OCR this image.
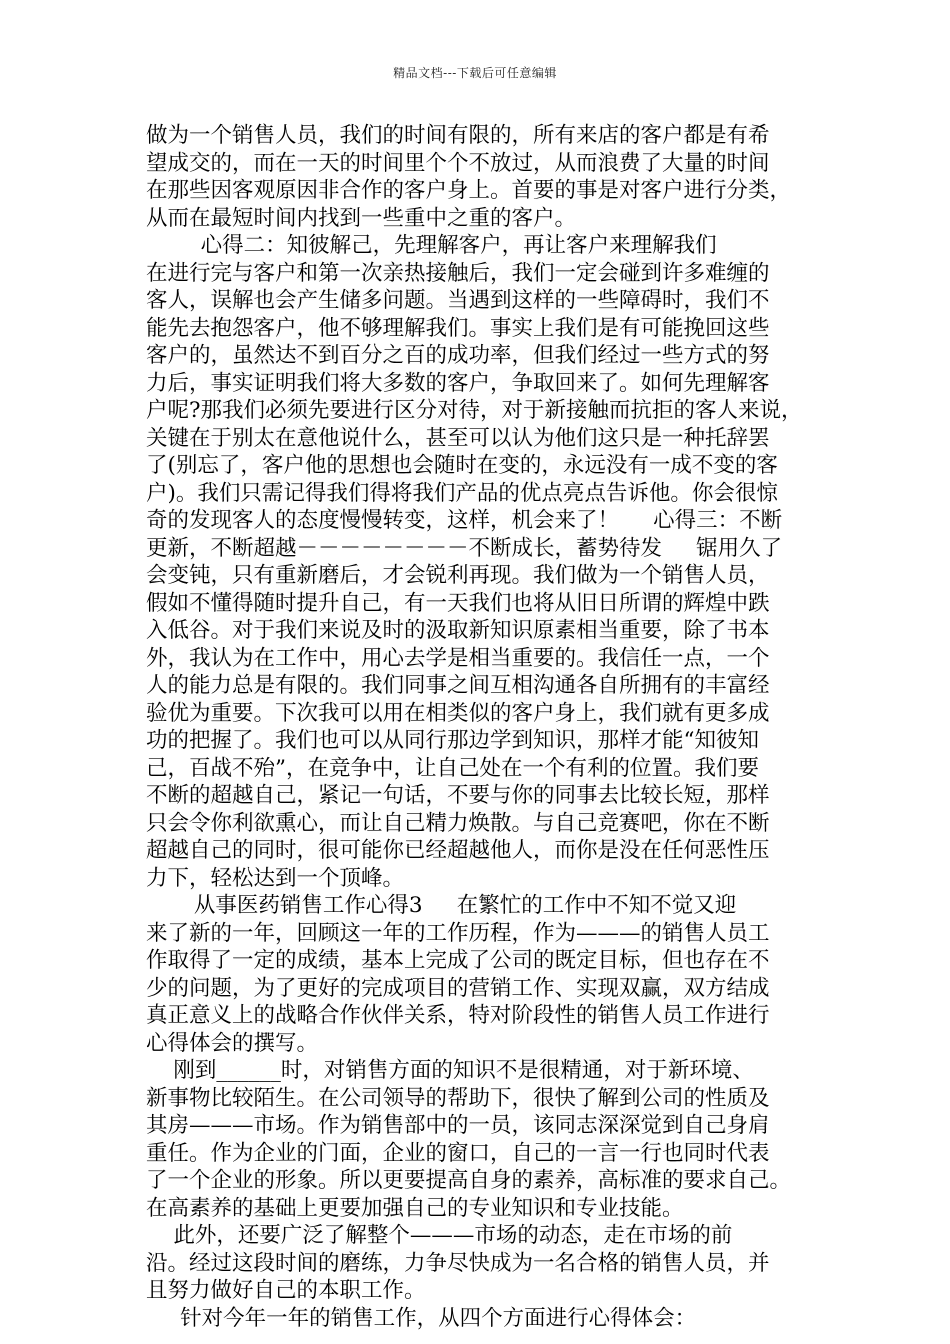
精品文档---下载后可任意编辑
做为一个销售人员，我们的时间有限的，所有来店的客户都是有希
望成交的，而在一天的时间里个个不放过，从而浪费了大量的时间
在那些因客观原因非合作的客户身上。首要的事是对客户进行分类，
从而在最短时间内找到一些重中之重的客户。
心得二：知彼解己，先理解客户，再让客户来理解我们
在进行完与客户和第一次亲热接触后，我们一定会碰到许多难缠的
客人，误解也会产生储多问题。当遇到这样的一些障碍时，我们不
能先去抱怨客户，他不够理解我们。事实上我们是有可能挽回这些
客户的，虽然达不到百分之百的成功率，但我们经过一些方式的努
力后，事实证明我们将大多数的客户，争取回来了。如何先理解客
户呢?那我们必须先要进行区分对待，对于新接触而抗拒的客人来说，
关键在于别太在意他说什么，甚至可以认为他们这只是一种托辞罢
了(别忘了，客户他的思想也会随时在变的，永远没有一成不变的客
户)。我们只需记得我们得将我们产品的优点亮点告诉他。你会很惊
奇的发现客人的态度慢慢转变，这样，机会来了！     心得三：不断
更新，不断超越－－－－－－－－不断成长，蓄势待发     锯用久了
会变钝，只有重新磨后，才会锐利再现。我们做为一个销售人员，
假如不懂得随时提升自己，有一天我们也将从旧日所谓的辉煌中跌
入低谷。对于我们来说及时的汲取新知识原素相当重要，除了书本
外，我认为在工作中，用心去学是相当重要的。我信任一点，一个
人的能力总是有限的。我们同事之间互相沟通各自所拥有的丰富经
验优为重要。下次我可以用在相类似的客户身上，我们就有更多成
功的把握了。我们也可以从同行那边学到知识，那样才能“知彼知
己，百战不殆”，在竞争中，让自己处在一个有利的位置。我们要
不断的超越自己，紧记一句话，不要与你的同事去比较长短，那样
只会令你利欲熏心，而让自己精力焕散。与自己竞赛吧，你在不断
超越自己的同时，很可能你已经超越他人，而你是没在任何恶性压
力下，轻松达到一个顶峰。
从事医药销售工作心得3     在繁忙的工作中不知不觉又迎
来了新的一年，回顾这一年的工作历程，作为———的销售人员工
作取得了一定的成绩，基本上完成了公司的既定目标，但也存在不
少的问题，为了更好的完成项目的营销工作、实现双赢，双方结成
真正意义上的战略合作伙伴关系，特对阶段性的销售人员工作进行
心得体会的撰写。
刚到______时，对销售方面的知识不是很精通，对于新环境、
新事物比较陌生。在公司领导的帮助下，很快了解到公司的性质及
其房———市场。作为销售部中的一员，该同志深深觉到自己身肩
重任。作为企业的门面，企业的窗口，自己的一言一行也同时代表
了一个企业的形象。所以更要提高自身的素养，高标准的要求自己。
在高素养的基础上更要加强自己的专业知识和专业技能。
此外，还要广泛了解整个———市场的动态，走在市场的前
沿。经过这段时间的磨练，力争尽快成为一名合格的销售人员，并
且努力做好自己的本职工作。
针对今年一年的销售工作，从四个方面进行心得体会：
